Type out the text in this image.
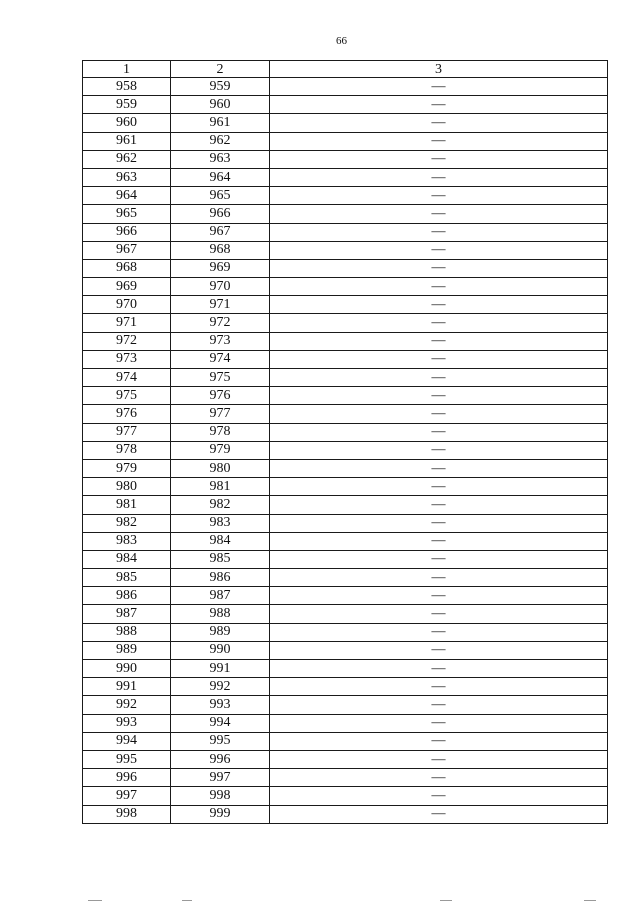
66
1	2	3
958	959	—
959	960	—
960	961	—
961	962	—
962	963	—
963	964	—
964	965	—
965	966	—
966	967	—
967	968	—
968	969	—
969	970	—
970	971	—
971	972	—
972	973	—
973	974	—
974	975	—
975	976	—
976	977	—
977	978	—
978	979	—
979	980	—
980	981	—
981	982	—
982	983	—
983	984	—
984	985	—
985	986	—
986	987	—
987	988	—
988	989	—
989	990	—
990	991	—
991	992	—
992	993	—
993	994	—
994	995	—
995	996	—
996	997	—
997	998	—
998	999	—
